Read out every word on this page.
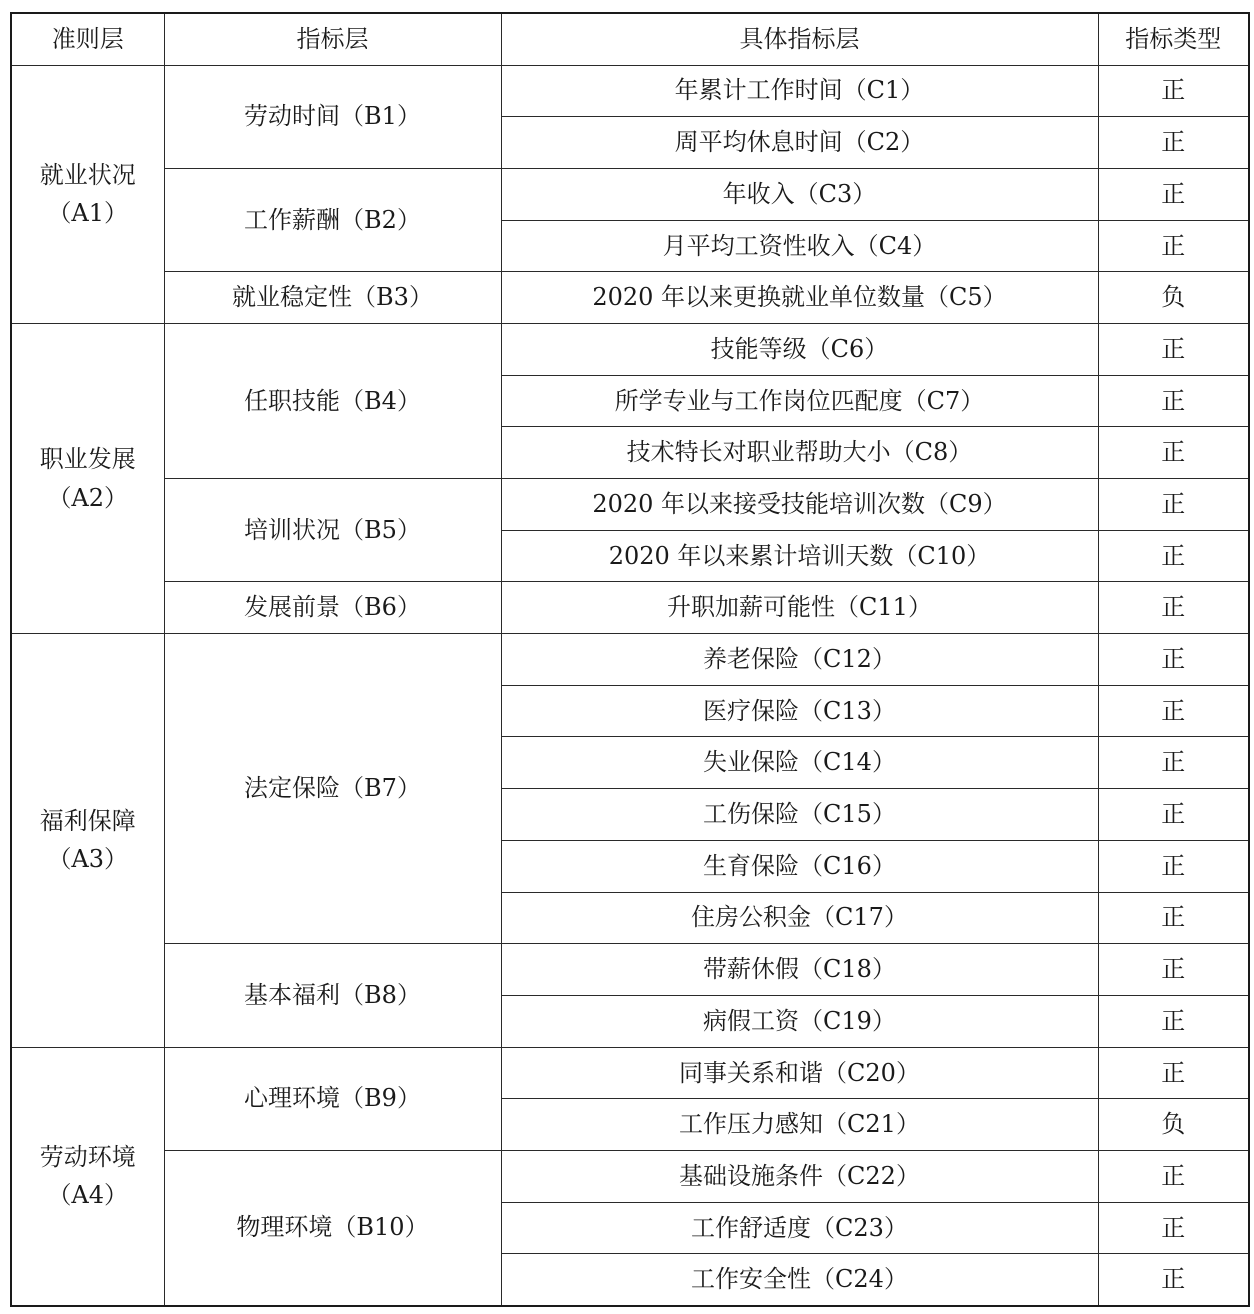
准则层	指标层	具体指标层	指标类型

就业状况
（A1）	劳动时间（B1）	年累计工作时间（C1）	正
		周平均休息时间（C2）	正
	工作薪酬（B2）	年收入（C3）	正
		月平均工资性收入（C4）	正
	就业稳定性（B3）	2020 年以来更换就业单位数量（C5）	负

职业发展
（A2）	任职技能（B4）	技能等级（C6）	正
		所学专业与工作岗位匹配度（C7）	正
		技术特长对职业帮助大小（C8）	正
	培训状况（B5）	2020 年以来接受技能培训次数（C9）	正
		2020 年以来累计培训天数（C10）	正
	发展前景（B6）	升职加薪可能性（C11）	正

福利保障
（A3）	法定保险（B7）	养老保险（C12）	正
		医疗保险（C13）	正
		失业保险（C14）	正
		工伤保险（C15）	正
		生育保险（C16）	正
		住房公积金（C17）	正
	基本福利（B8）	带薪休假（C18）	正
		病假工资（C19）	正

劳动环境
（A4）	心理环境（B9）	同事关系和谐（C20）	正
		工作压力感知（C21）	负
	物理环境（B10）	基础设施条件（C22）	正
		工作舒适度（C23）	正
		工作安全性（C24）	正
